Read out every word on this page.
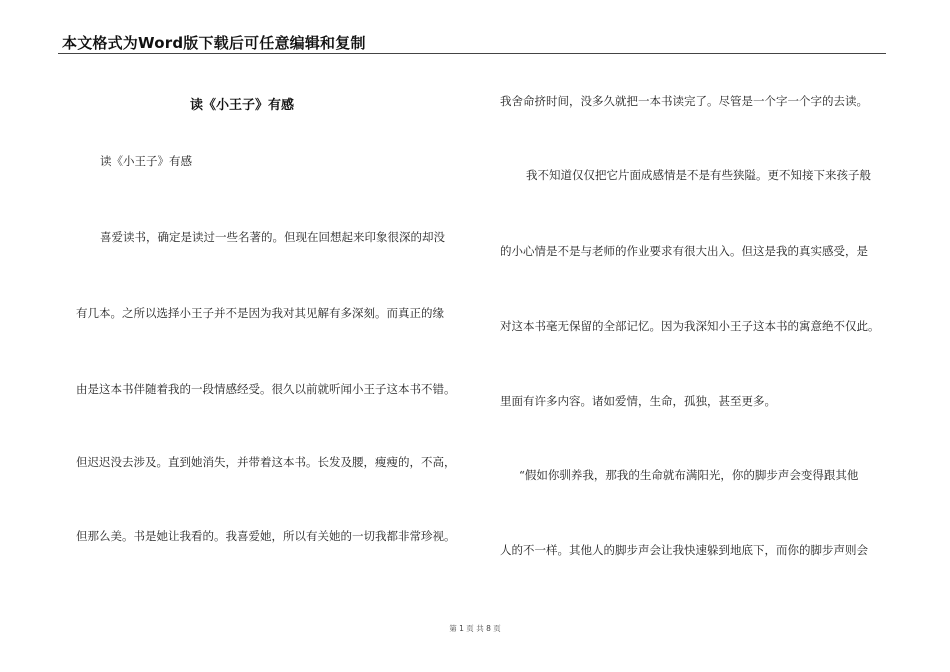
本文格式为Word版下载后可任意编辑和复制
读《小王子》有感
读《小王子》有感
喜爱读书，确定是读过一些名著的。但现在回想起来印象很深的却没
有几本。之所以选择小王子并不是因为我对其见解有多深刻。而真正的缘
由是这本书伴随着我的一段情感经受。很久以前就听闻小王子这本书不错。
但迟迟没去涉及。直到她消失，并带着这本书。长发及腰，瘦瘦的，不高，
但那么美。书是她让我看的。我喜爱她，所以有关她的一切我都非常珍视。
我舍命挤时间，没多久就把一本书读完了。尽管是一个字一个字的去读。
我不知道仅仅把它片面成感情是不是有些狭隘。更不知接下来孩子般
的小心情是不是与老师的作业要求有很大出入。但这是我的真实感受，是
对这本书毫无保留的全部记忆。因为我深知小王子这本书的寓意绝不仅此。
里面有许多内容。诸如爱情，生命，孤独，甚至更多。
“假如你驯养我，那我的生命就布满阳光，你的脚步声会变得跟其他
人的不一样。其他人的脚步声会让我快速躲到地底下，而你的脚步声则会
第 1 页 共 8 页
